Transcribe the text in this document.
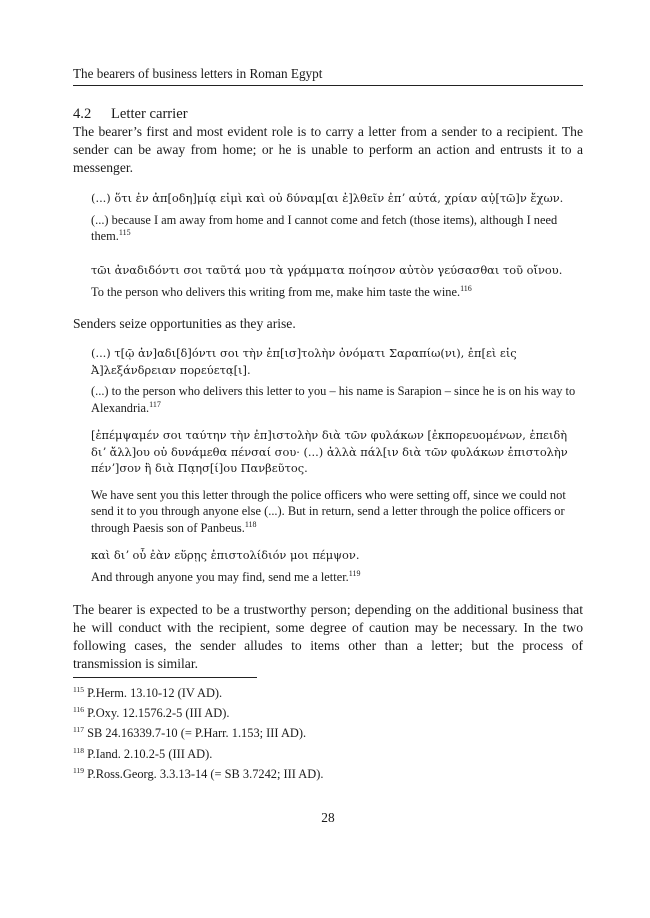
The bearers of business letters in Roman Egypt
4.2 Letter carrier

The bearer’s first and most evident role is to carry a letter from a sender to a recipient. The sender can be away from home; or he is unable to perform an action and entrusts it to a messenger.

(...) ὅτι ἐν ἀπ[οδη]μίᾳ εἰμὶ καὶ οὐ δύναμ[αι ἐ]λθεῖν ἐπʼ αὐτά, χρίαν αὐ̣[τῶ]ν ἔχων.
(...) because I am away from home and I cannot come and fetch (those items), although I need them.$^{115}$
τῶι ἀναδιδόντι σοι ταῦτά μου τὰ γράμματα ποίησον αὐτὸν γεύσασθαι τοῦ οἴνου.
To the person who delivers this writing from me, make him taste the wine.$^{116}$

Senders seize opportunities as they arise.

(...) τ[ῷ ἀν]αδι[δ]όντι σοι τὴν ἐπ[ισ]τολὴν ὀνόματι Σαραπίω(νι), ἐπ[εὶ εἰς Ἀ]λεξάνδρειαν πορεύετα̣[ι].
(...) to the person who delivers this letter to you – his name is Sarapion – since he is on his way to Alexandria.$^{117}$
[ἐπέμψαμέν σοι ταύτην τὴν ἐπ]ιστολὴν διὰ τῶν φυλάκων [ἐκπορευομένων, ἐπειδὴ διʼ ἄλλ]ου οὐ δυνάμεθα πένσαί σου· (...) ἀλλὰ πάλ[ιν διὰ τῶν φυλάκων ἐπιστολὴν πένʼ]σον ἢ διὰ Πα̣ησ[ί]ου Πανβεῦτος.
We have sent you this letter through the police officers who were setting off, since we could not send it to you through anyone else (...). But in return, send a letter through the police officers or through Paesis son of Panbeus.$^{118}$
καὶ διʼ οὗ ἐὰν εὕρῃς ἐπιστολίδιόν μοι πέμψον.
And through anyone you may find, send me a letter.$^{119}$

The bearer is expected to be a trustworthy person; depending on the additional business that he will conduct with the recipient, some degree of caution may be necessary. In the two following cases, the sender alludes to items other than a letter; but the process of transmission is similar.

$^{115}$ P.Herm. 13.10-12 (IV AD).
$^{116}$ P.Oxy. 12.1576.2-5 (III AD).
$^{117}$ SB 24.16339.7-10 (= P.Harr. 1.153; III AD).
$^{118}$ P.Iand. 2.10.2-5 (III AD).
$^{119}$ P.Ross.Georg. 3.3.13-14 (= SB 3.7242; III AD).
28
